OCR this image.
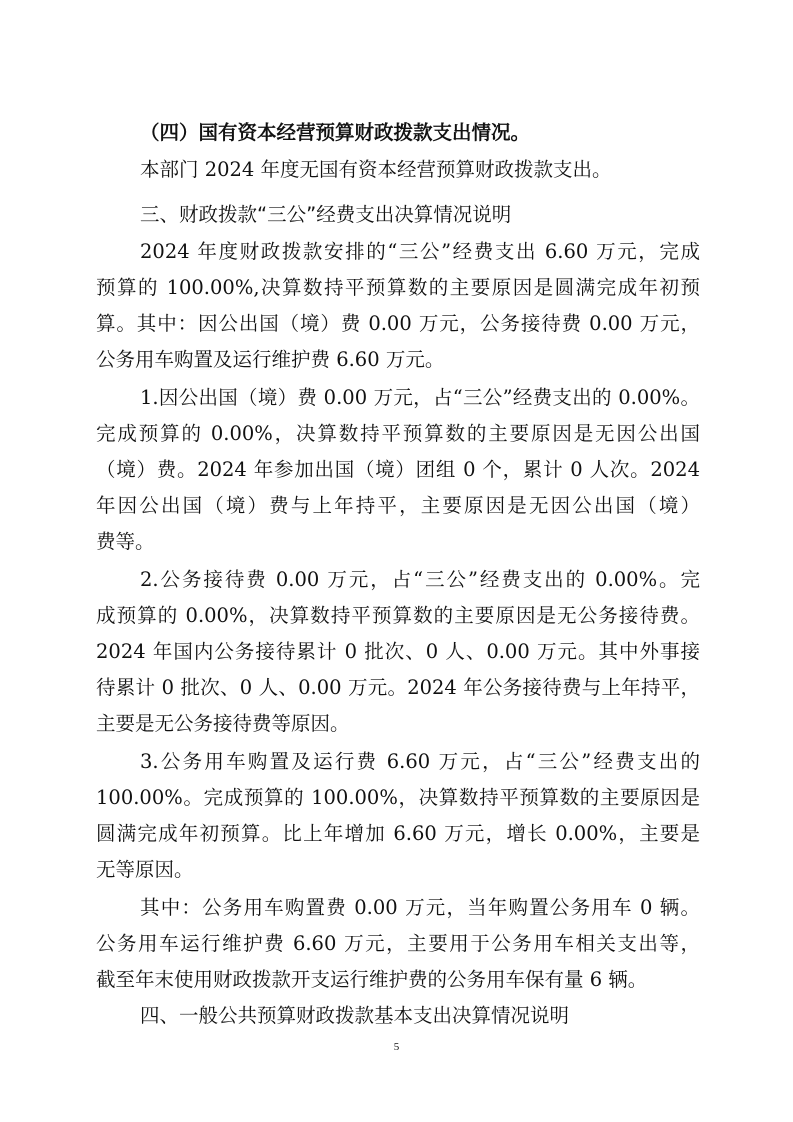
（四）国有资本经营预算财政拨款支出情况。
本部门 2024 年度无国有资本经营预算财政拨款支出。
三、财政拨款“三公”经费支出决算情况说明
2024 年度财政拨款安排的“三公”经费支出 6.60 万元，完成
预算的 100.00%,决算数持平预算数的主要原因是圆满完成年初预
算。其中：因公出国（境）费 0.00 万元，公务接待费 0.00 万元，
公务用车购置及运行维护费 6.60 万元。
1.因公出国（境）费 0.00 万元，占“三公”经费支出的 0.00%。
完成预算的 0.00%，决算数持平预算数的主要原因是无因公出国
（境）费。2024 年参加出国（境）团组 0 个，累计 0 人次。2024
年因公出国（境）费与上年持平，主要原因是无因公出国（境）
费等。
2.公务接待费 0.00 万元，占“三公”经费支出的 0.00%。完
成预算的 0.00%，决算数持平预算数的主要原因是无公务接待费。
2024 年国内公务接待累计 0 批次、0 人、0.00 万元。其中外事接
待累计 0 批次、0 人、0.00 万元。2024 年公务接待费与上年持平，
主要是无公务接待费等原因。
3.公务用车购置及运行费 6.60 万元，占“三公”经费支出的
100.00%。完成预算的 100.00%，决算数持平预算数的主要原因是
圆满完成年初预算。比上年增加 6.60 万元，增长 0.00%，主要是
无等原因。
其中：公务用车购置费 0.00 万元，当年购置公务用车 0 辆。
公务用车运行维护费 6.60 万元，主要用于公务用车相关支出等，
截至年末使用财政拨款开支运行维护费的公务用车保有量 6 辆。
四、一般公共预算财政拨款基本支出决算情况说明
5
